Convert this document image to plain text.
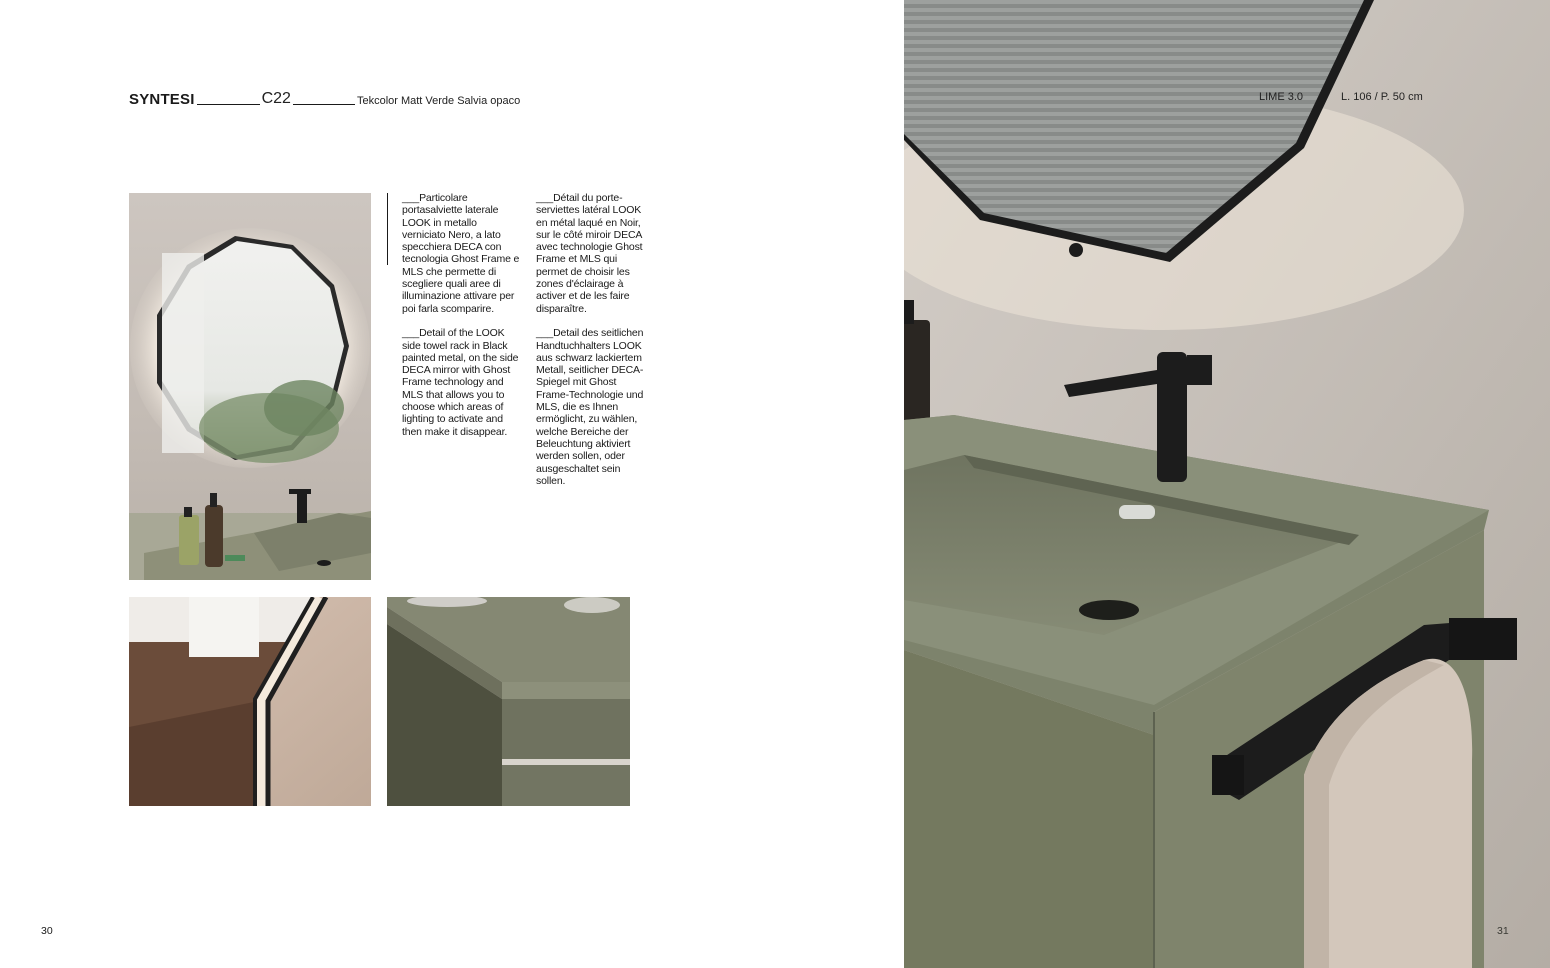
SYNTESI	C22	Tekcolor Matt Verde Salvia opaco

___Particolare portasalviette laterale LOOK in metallo verniciato Nero, a lato specchiera DECA con tecnologia Ghost Frame e MLS che permette di scegliere quali aree di illuminazione attivare per poi farla scomparire.

___Detail of the LOOK side towel rack in Black painted metal, on the side DECA mirror with Ghost Frame technology and MLS that allows you to choose which areas of lighting to activate and then make it disappear.

___Détail du porte-serviettes latéral LOOK en métal laqué en Noir, sur le côté miroir DECA avec technologie Ghost Frame et MLS qui permet de choisir les zones d'éclairage à activer et de les faire disparaître.

___Detail des seitlichen Handtuchhalters LOOK aus schwarz lackiertem Metall, seitlicher DECA-Spiegel mit Ghost Frame-Technologie und MLS, die es Ihnen ermöglicht, zu wählen, welche Bereiche der Beleuchtung aktiviert werden sollen, oder ausgeschaltet sein sollen.

LIME 3.0	L. 106 / P. 50 cm
30	31
